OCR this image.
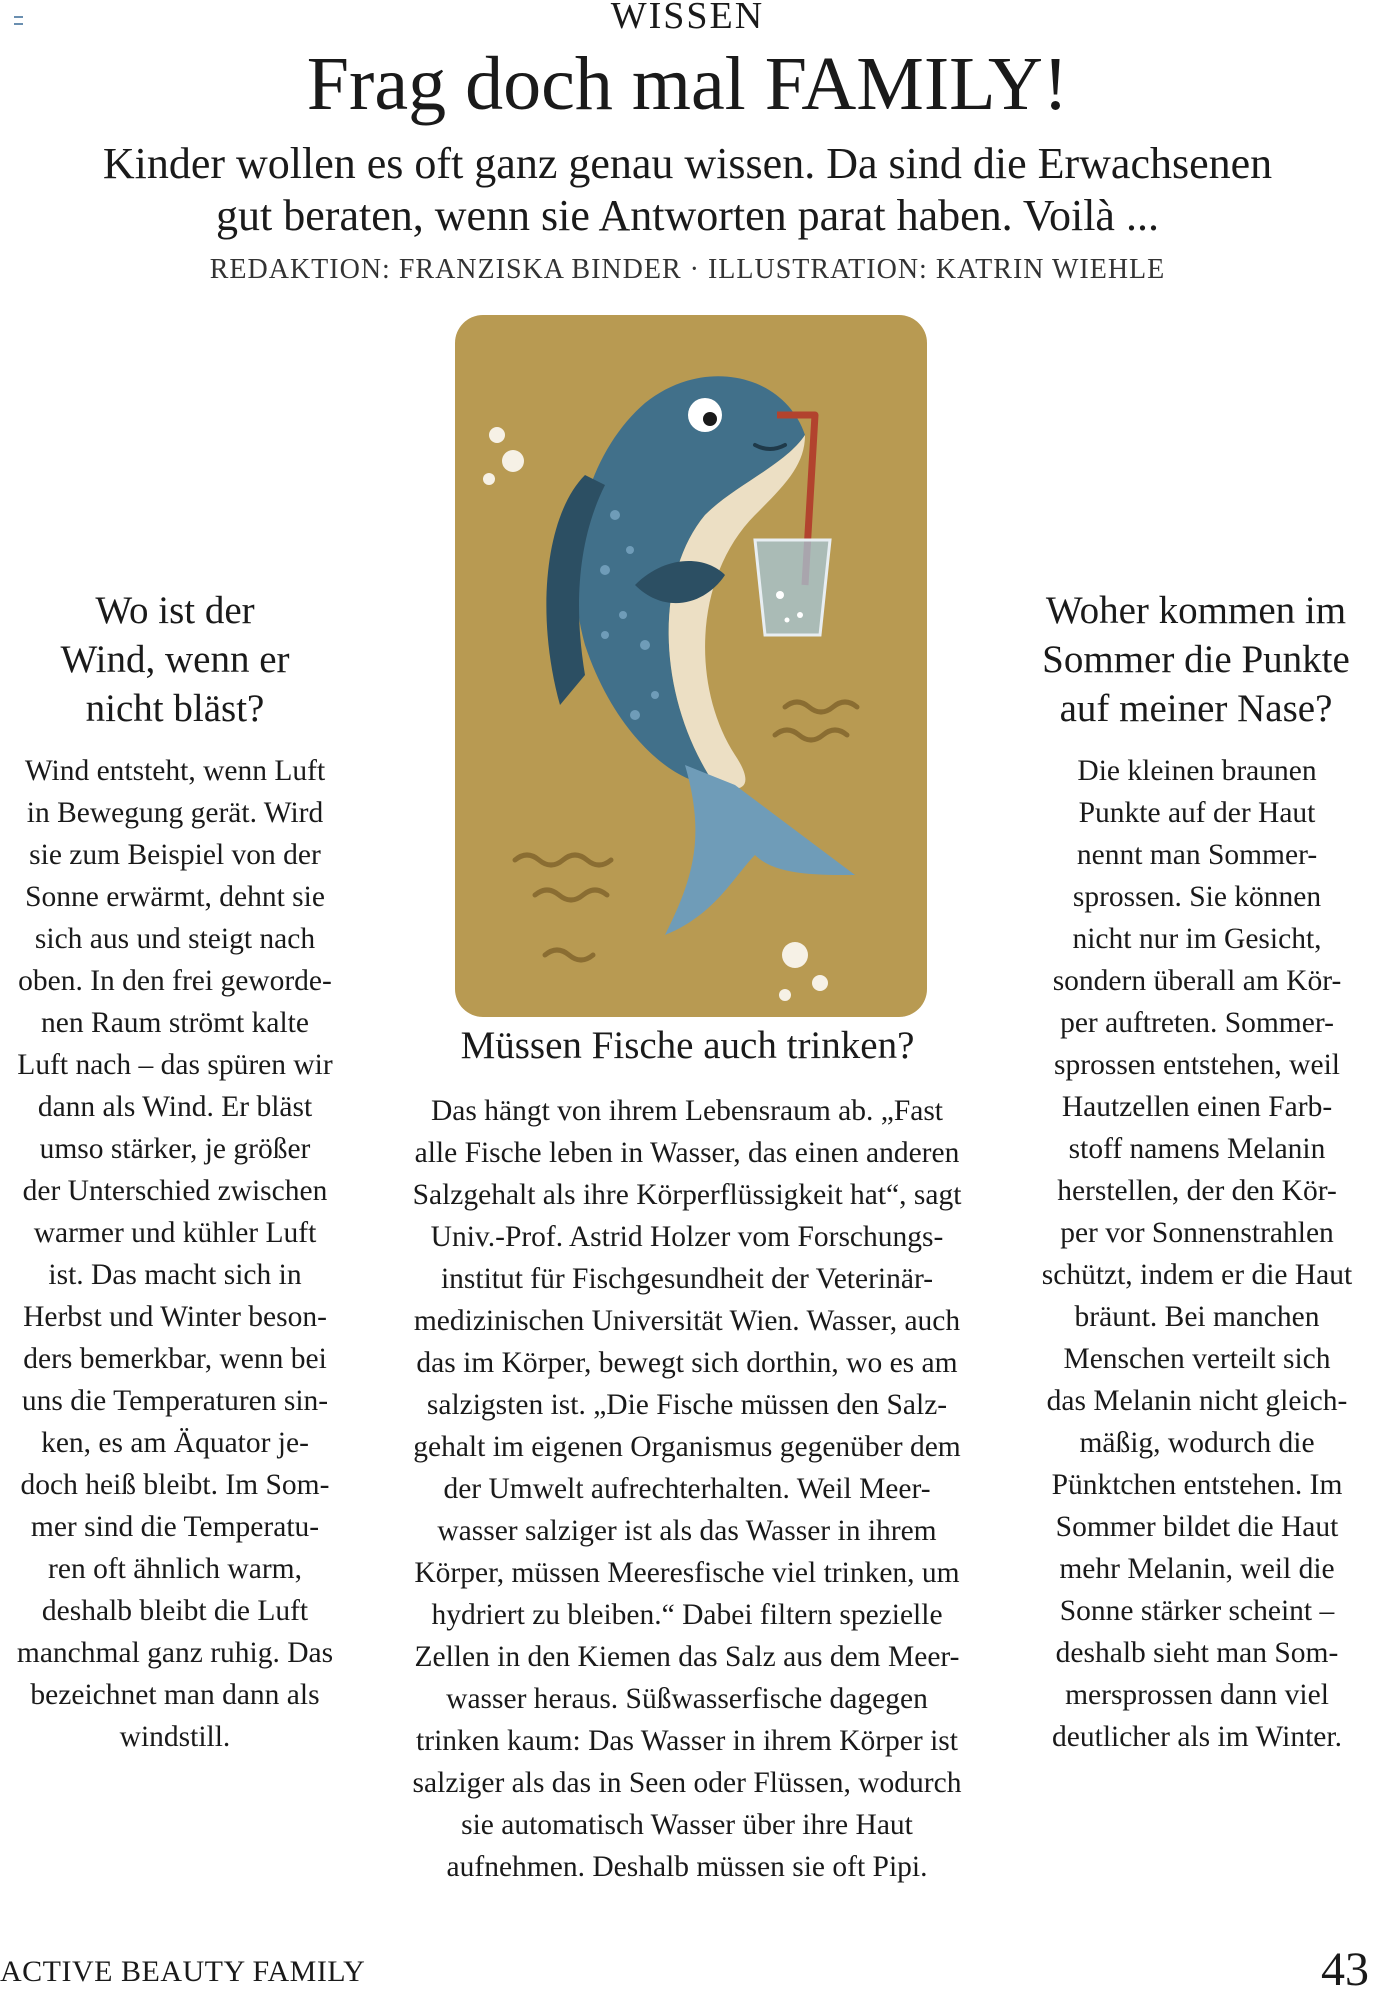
WISSEN
Frag doch mal FAMILY!
Kinder wollen es oft ganz genau wissen. Da sind die Erwachsenen
gut beraten, wenn sie Antworten parat haben. Voilà ...
REDAKTION: FRANZISKA BINDER · ILLUSTRATION: KATRIN WIEHLE
Wo ist der
Wind, wenn er
nicht bläst?
Wind entsteht, wenn Luft
in Bewegung gerät. Wird
sie zum Beispiel von der
Sonne erwärmt, dehnt sie
sich aus und steigt nach
oben. In den frei geworde-
nen Raum strömt kalte
Luft nach – das spüren wir
dann als Wind. Er bläst
umso stärker, je größer
der Unterschied zwischen
warmer und kühler Luft
ist. Das macht sich in
Herbst und Winter beson-
ders bemerkbar, wenn bei
uns die Temperaturen sin-
ken, es am Äquator je-
doch heiß bleibt. Im Som-
mer sind die Temperatu-
ren oft ähnlich warm,
deshalb bleibt die Luft
manchmal ganz ruhig. Das
bezeichnet man dann als
windstill.
Müssen Fische auch trinken?
Das hängt von ihrem Lebensraum ab. „Fast
alle Fische leben in Wasser, das einen anderen
Salzgehalt als ihre Körperflüssigkeit hat“, sagt
Univ.-Prof. Astrid Holzer vom Forschungs-
institut für Fischgesundheit der Veterinär-
medizinischen Universität Wien. Wasser, auch
das im Körper, bewegt sich dorthin, wo es am
salzigsten ist. „Die Fische müssen den Salz-
gehalt im eigenen Organismus gegenüber dem
der Umwelt aufrechterhalten. Weil Meer-
wasser salziger ist als das Wasser in ihrem
Körper, müssen Meeresfische viel trinken, um
hydriert zu bleiben.“ Dabei filtern spezielle
Zellen in den Kiemen das Salz aus dem Meer-
wasser heraus. Süßwasserfische dagegen
trinken kaum: Das Wasser in ihrem Körper ist
salziger als das in Seen oder Flüssen, wodurch
sie automatisch Wasser über ihre Haut
aufnehmen. Deshalb müssen sie oft Pipi.
Woher kommen im
Sommer die Punkte
auf meiner Nase?
Die kleinen braunen
Punkte auf der Haut
nennt man Sommer-
sprossen. Sie können
nicht nur im Gesicht,
sondern überall am Kör-
per auftreten. Sommer-
sprossen entstehen, weil
Hautzellen einen Farb-
stoff namens Melanin
herstellen, der den Kör-
per vor Sonnenstrahlen
schützt, indem er die Haut
bräunt. Bei manchen
Menschen verteilt sich
das Melanin nicht gleich-
mäßig, wodurch die
Pünktchen entstehen. Im
Sommer bildet die Haut
mehr Melanin, weil die
Sonne stärker scheint –
deshalb sieht man Som-
mersprossen dann viel
deutlicher als im Winter.
ACTIVE BEAUTY FAMILY	43
